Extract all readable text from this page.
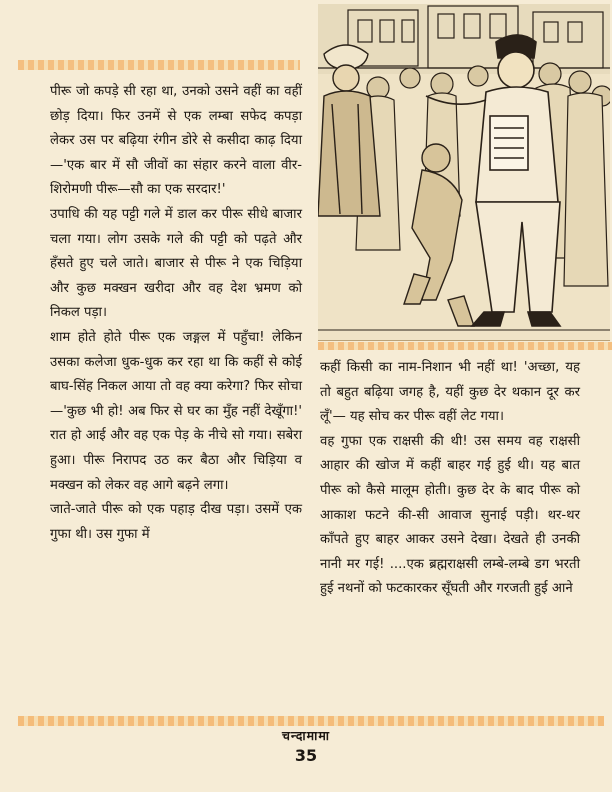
पीरू जो कपड़े सी रहा था, उनको उसने वहीं का वहीं छोड़ दिया। फिर उनमें से एक लम्बा सफेद कपड़ा लेकर उस पर बढ़िया रंगीन डोरे से कसीदा काढ़ दिया—'एक बार में सौ जीवों का संहार करने वाला वीर-शिरोमणी पीरू—सौ का एक सरदार!'

उपाधि की यह पट्टी गले में डाल कर पीरू सीधे बाजार चला गया। लोग उसके गले की पट्टी को पढ़ते और हँसते हुए चले जाते। बाजार से पीरू ने एक चिड़िया और कुछ मक्खन खरीदा और वह देश भ्रमण को निकल पड़ा।

शाम होते होते पीरू एक जङ्गल में पहुँचा! लेकिन उसका कलेजा धुक-धुक कर रहा था कि कहीं से कोई बाघ-सिंह निकल आया तो वह क्या करेगा? फिर सोचा—'कुछ भी हो! अब फिर से घर का मुँह नहीं देखूँगा!' रात हो आई और वह एक पेड़ के नीचे सो गया। सबेरा हुआ। पीरू निरापद उठ कर बैठा और चिड़िया व मक्खन को लेकर वह आगे बढ़ने लगा।

जाते-जाते पीरू को एक पहाड़ दीख पड़ा। उसमें एक गुफा थी। उस गुफा में

कहीं किसी का नाम-निशान भी नहीं था! 'अच्छा, यह तो बहुत बढ़िया जगह है, यहीं कुछ देर थकान दूर कर लूँ'— यह सोच कर पीरू वहीं लेट गया।

वह गुफा एक राक्षसी की थी! उस समय वह राक्षसी आहार की खोज में कहीं बाहर गई हुई थी। यह बात पीरू को कैसे मालूम होती। कुछ देर के बाद पीरू को आकाश फटने की-सी आवाज सुनाई पड़ी। थर-थर काँपते हुए बाहर आकर उसने देखा। देखते ही उनकी नानी मर गई! ....एक ब्रह्मराक्षसी लम्बे-लम्बे डग भरती हुई नथनों को फटकारकर सूँघती और गरजती हुई आने

चन्दामामा
35
